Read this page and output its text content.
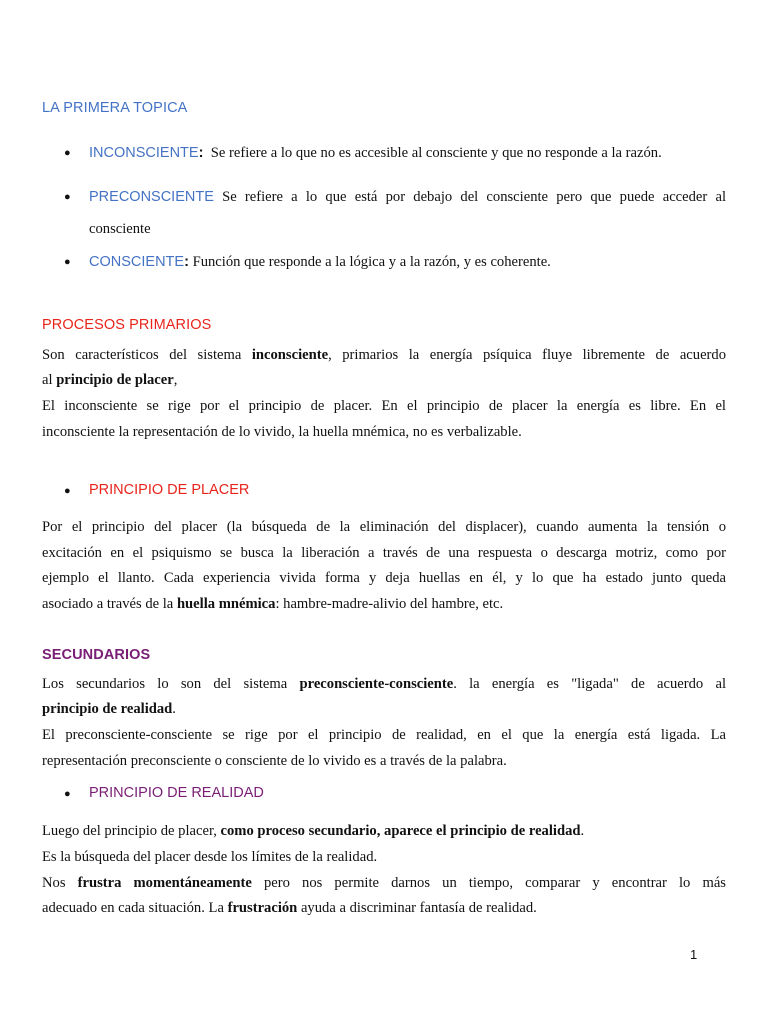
LA PRIMERA TOPICA
● INCONSCIENTE:  Se refiere a lo que no es accesible al consciente y que no responde a la razón.
● PRECONSCIENTE Se refiere a lo que está por debajo del consciente pero que puede acceder al
consciente
● CONSCIENTE: Función que responde a la lógica y a la razón, y es coherente.
PROCESOS PRIMARIOS
Son característicos del sistema inconsciente, primarios la energía psíquica fluye libremente de acuerdo
al principio de placer,
El inconsciente se rige por el principio de placer. En el principio de placer la energía es libre. En el
inconsciente la representación de lo vivido, la huella mnémica, no es verbalizable.
● PRINCIPIO DE PLACER
Por el principio del placer (la búsqueda de la eliminación del displacer), cuando aumenta la tensión o
excitación en el psiquismo se busca la liberación a través de una respuesta o descarga motriz, como por
ejemplo el llanto. Cada experiencia vivida forma y deja huellas en él, y lo que ha estado junto queda
asociado a través de la huella mnémica: hambre-madre-alivio del hambre, etc.
SECUNDARIOS
Los secundarios lo son del sistema preconsciente-consciente. la energía es "ligada" de acuerdo al
principio de realidad.
El preconsciente-consciente se rige por el principio de realidad, en el que la energía está ligada. La
representación preconsciente o consciente de lo vivido es a través de la palabra.
● PRINCIPIO DE REALIDAD
Luego del principio de placer, como proceso secundario, aparece el principio de realidad.
Es la búsqueda del placer desde los límites de la realidad.
Nos frustra momentáneamente pero nos permite darnos un tiempo, comparar y encontrar lo más
adecuado en cada situación. La frustración ayuda a discriminar fantasía de realidad.
1
